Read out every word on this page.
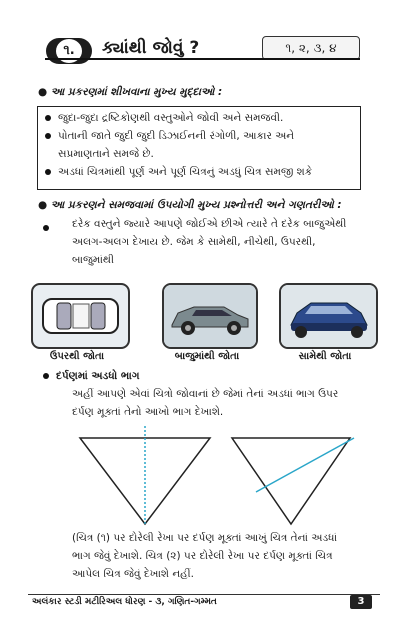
૧.	ક્યાંથી જોવું ?	૧, ૨, ૩, ૪
● આ પ્રકરણમાં શીખવાના મુખ્ય મુદ્દાઓ :
જુદા-જુદા દ્રષ્ટિકોણથી વસ્તુઓને જોવી અને સમજવી.
પોતાની જાતે જુદી જુદી ડિઝાઈનની રંગોળી, આકાર અને
સપ્રમાણતાને સમજે છે.
અડધાં ચિત્રમાંથી પૂર્ણ અને પૂર્ણ ચિત્રનું અડધું ચિત્ર સમજી શકે
● આ પ્રકરણને સમજવામાં ઉપયોગી મુખ્ય પ્રશ્નોત્તરી અને ગણતરીઓ :
દરેક વસ્તુને જ્યારે આપણે જોઈએ છીએ ત્યારે તે દરેક બાજુએથી
અલગ-અલગ દેખાય છે. જેમ કે સામેથી, નીચેથી, ઉપરથી,
બાજુમાંથી
ઉપરથી જોતા	બાજુમાંથી જોતા	સામેથી જોતા
દર્પણમાં અડધો ભાગ
અહીં આપણે એવાં ચિત્રો જોવાનાં છે જેમાં તેનાં અડધાં ભાગ ઉપર
દર્પણ મૂક્તાં તેનો આખો ભાગ દેખાશે.
(ચિત્ર (૧) પર દોરેલી રેખા પર દર્પણ મૂક્તાં આખું ચિત્ર તેનાં અડધાં
ભાગ જેવું દેખાશે. ચિત્ર (૨) પર દોરેલી રેખા પર દર્પણ મૂક્તાં ચિત્ર
આપેલ ચિત્ર જેવું દેખાશે નહીં.
અલંકાર સ્ટડી મટીરિઅલ ધોરણ - ૩, ગણિત-ગમ્મત	3
